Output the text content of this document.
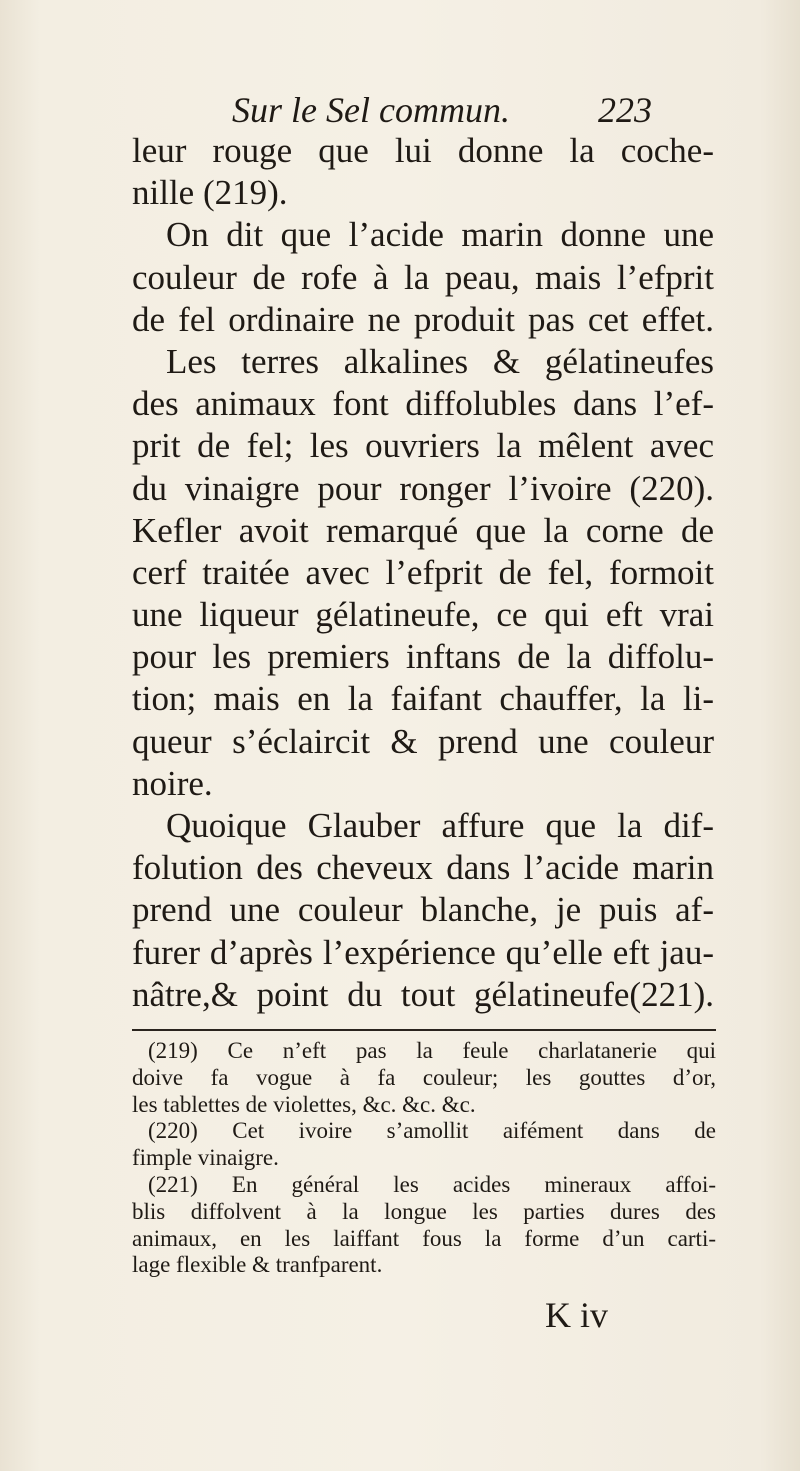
Sur le Sel commun. 223
leur rouge que lui donne la coche-
nille (219).
On dit que l’acide marin donne une
couleur de rofe à la peau, mais l’efprit
de fel ordinaire ne produit pas cet effet.
Les terres alkalines & gélatineufes
des animaux font diffolubles dans l’ef-
prit de fel; les ouvriers la mêlent avec
du vinaigre pour ronger l’ivoire (220).
Kefler avoit remarqué que la corne de
cerf traitée avec l’efprit de fel, formoit
une liqueur gélatineufe, ce qui eft vrai
pour les premiers inftans de la diffolu-
tion; mais en la faifant chauffer, la li-
queur s’éclaircit & prend une couleur
noire.
Quoique Glauber affure que la dif-
folution des cheveux dans l’acide marin
prend une couleur blanche, je puis af-
furer d’après l’expérience qu’elle eft jau-
nâtre,& point du tout gélatineufe(221).
(219) Ce n’eft pas la feule charlatanerie qui
doive fa vogue à fa couleur; les gouttes d’or,
les tablettes de violettes, &c. &c. &c.
(220) Cet ivoire s’amollit aifément dans de
fimple vinaigre.
(221) En général les acides mineraux affoi-
blis diffolvent à la longue les parties dures des
animaux, en les laiffant fous la forme d’un carti-
lage flexible & tranfparent.
K iv
